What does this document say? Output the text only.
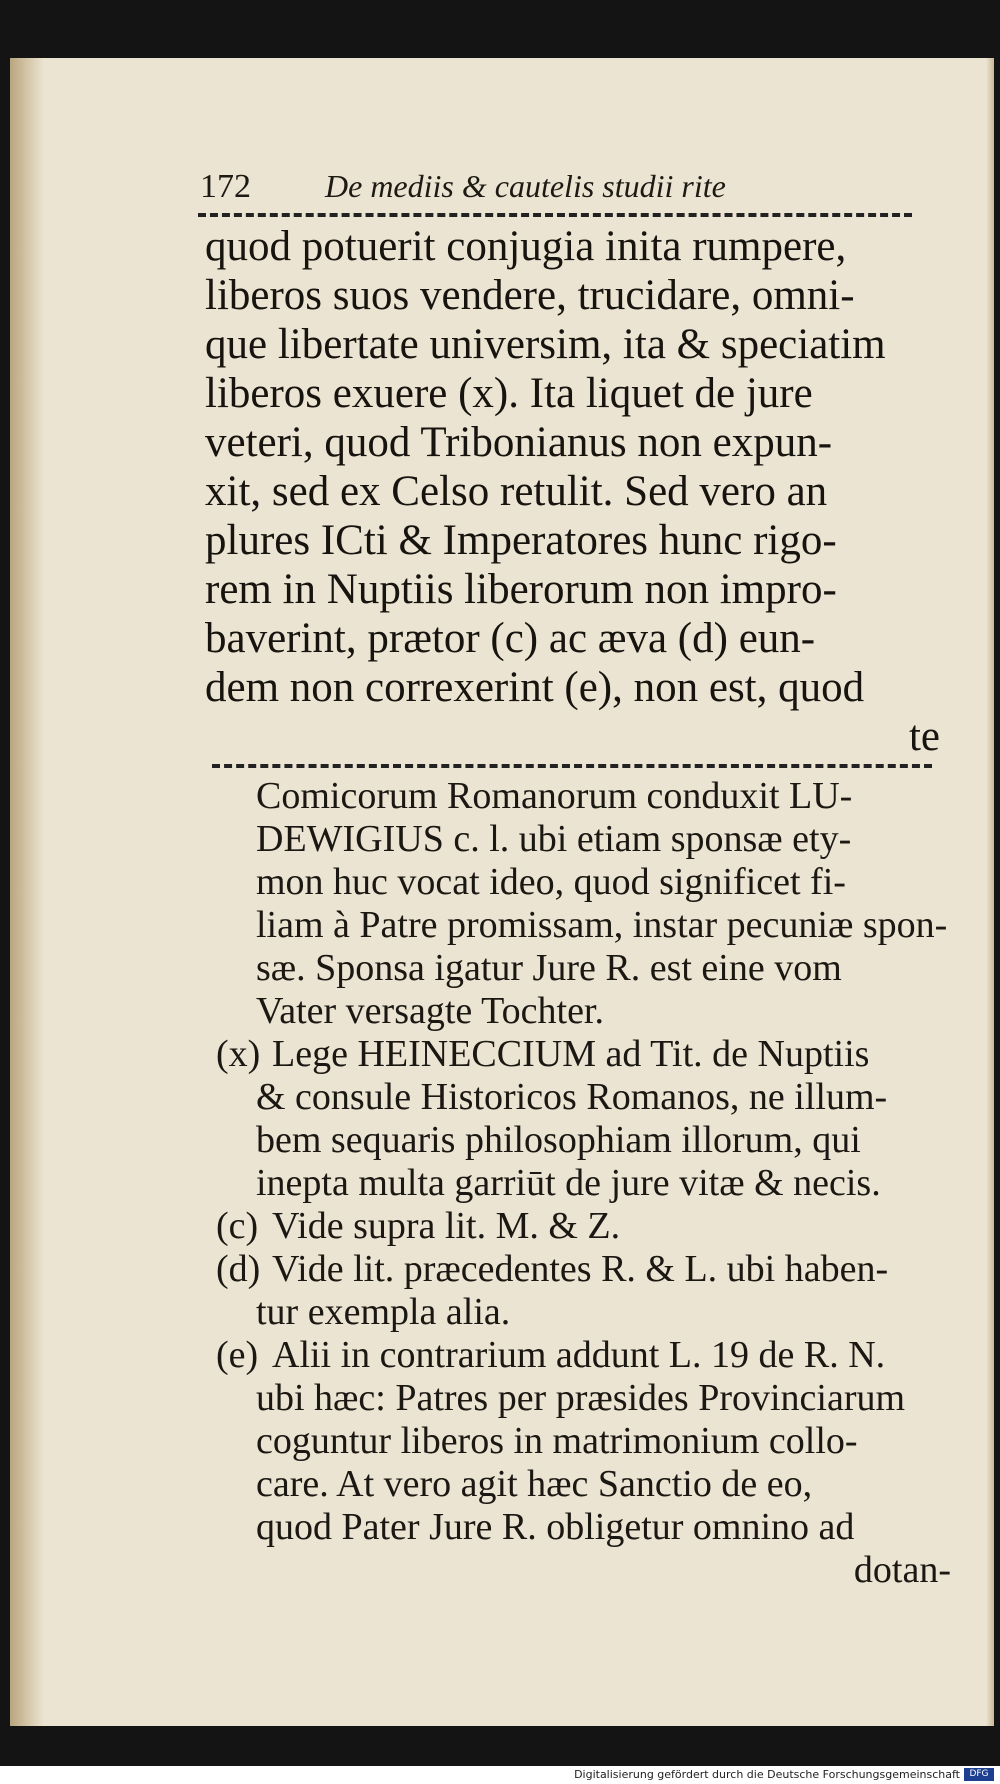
172 De mediis & cautelis studii rite
quod potuerit conjugia inita rumpere,
liberos suos vendere, trucidare, omni-
que libertate universim, ita & speciatim
liberos exuere (x). Ita liquet de jure
veteri, quod Tribonianus non expun-
xit, sed ex Celso retulit. Sed vero an
plures ICti & Imperatores hunc rigo-
rem in Nuptiis liberorum non impro-
baverint, prætor (c) ac æva (d) eun-
dem non correxerint (e), non est, quod
te
Comicorum Romanorum conduxit LU-
DEWIGIUS c. l. ubi etiam sponsæ ety-
mon huc vocat ideo, quod significet fi-
liam à Patre promissam, instar pecuniæ spon-
sæ. Sponsa igatur Jure R. est eine vom
Vater versagte Tochter.
(x) Lege HEINECCIUM ad Tit. de Nuptiis
& consule Historicos Romanos, ne illum-
bem sequaris philosophiam illorum, qui
inepta multa garriūt de jure vitæ & necis.
(c) Vide supra lit. M. & Z.
(d) Vide lit. præcedentes R. & L. ubi haben-
tur exempla alia.
(e) Alii in contrarium addunt L. 19 de R. N.
ubi hæc: Patres per præsides Provinciarum
coguntur liberos in matrimonium collo-
care. At vero agit hæc Sanctio de eo,
quod Pater Jure R. obligetur omnino ad
dotan-
Digitalisierung gefördert durch die Deutsche Forschungsgemeinschaft	DFG
